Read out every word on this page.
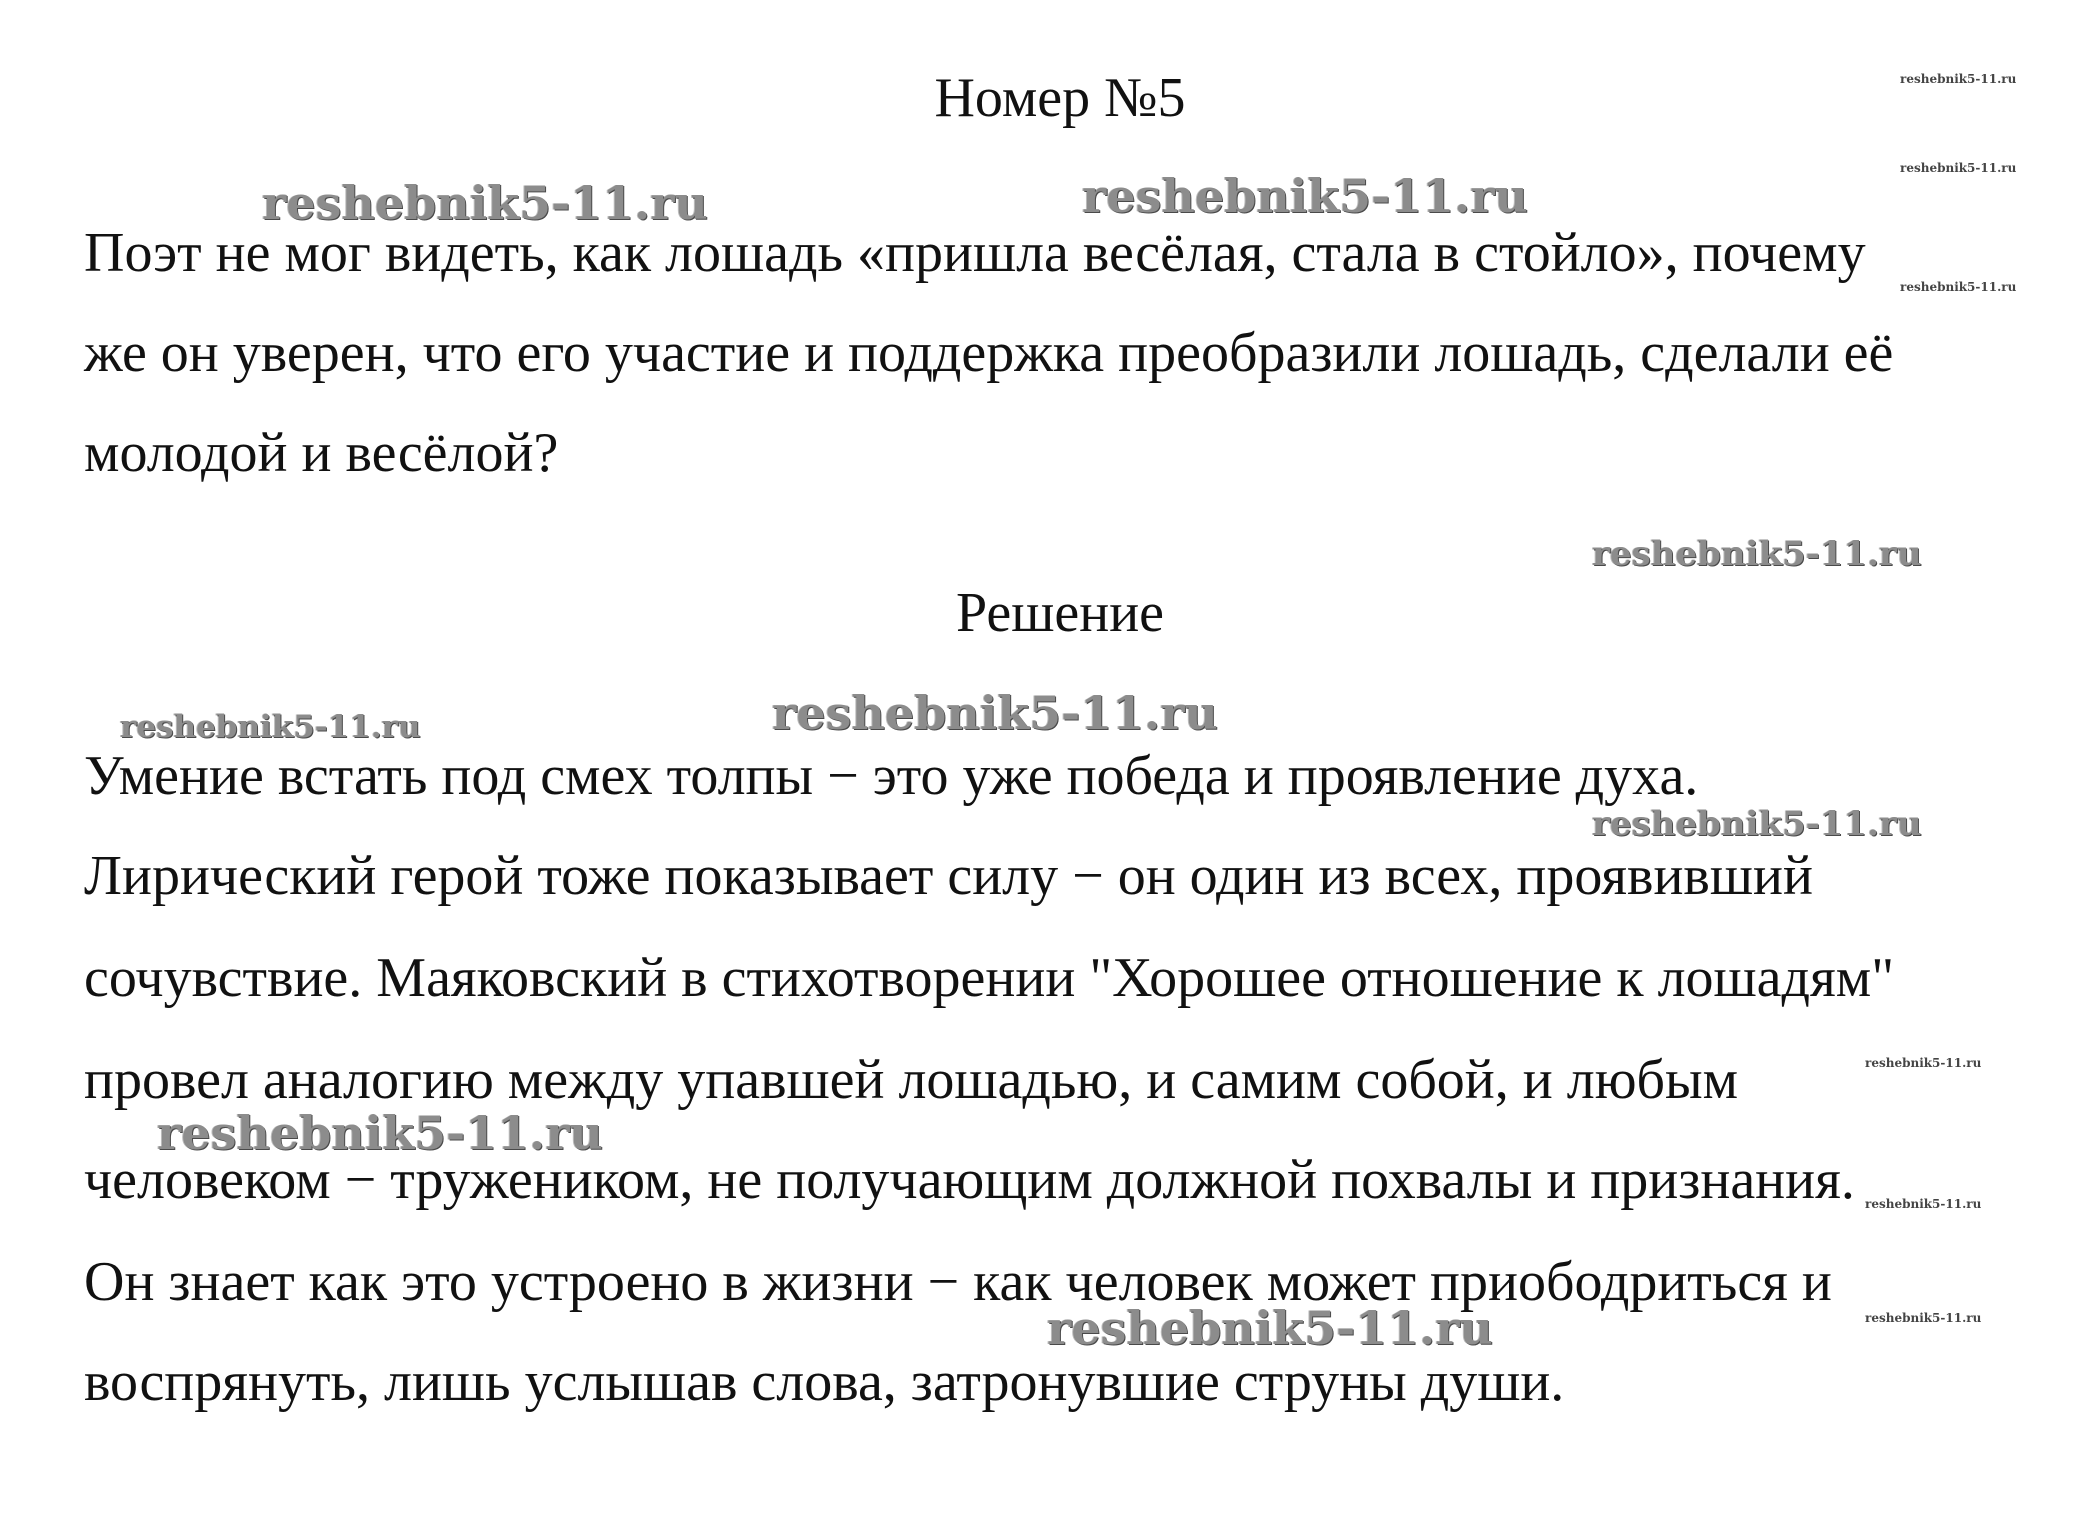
Номер №5
Поэт не мог видеть, как лошадь «пришла весёлая, стала в стойло», почему
же он уверен, что его участие и поддержка преобразили лошадь, сделали её
молодой и весёлой?
Решение
Умение встать под смех толпы − это уже победа и проявление духа.
Лирический герой тоже показывает силу − он один из всех, проявивший
сочувствие. Маяковский в стихотворении "Хорошее отношение к лошадям"
провел аналогию между упавшей лошадью, и самим собой, и любым
человеком − тружеником, не получающим должной похвалы и признания.
Он знает как это устроено в жизни − как человек может приободриться и
воспрянуть, лишь услышав слова, затронувшие струны души.
reshebnik5-11.ru	reshebnik5-11.ru
reshebnik5-11.ru
reshebnik5-11.ru
reshebnik5-11.ru
reshebnik5-11.ru
reshebnik5-11.ru
reshebnik5-11.ru
reshebnik5-11.ru
reshebnik5-11.ru
reshebnik5-11.ru
reshebnik5-11.ru
reshebnik5-11.ru
reshebnik5-11.ru
